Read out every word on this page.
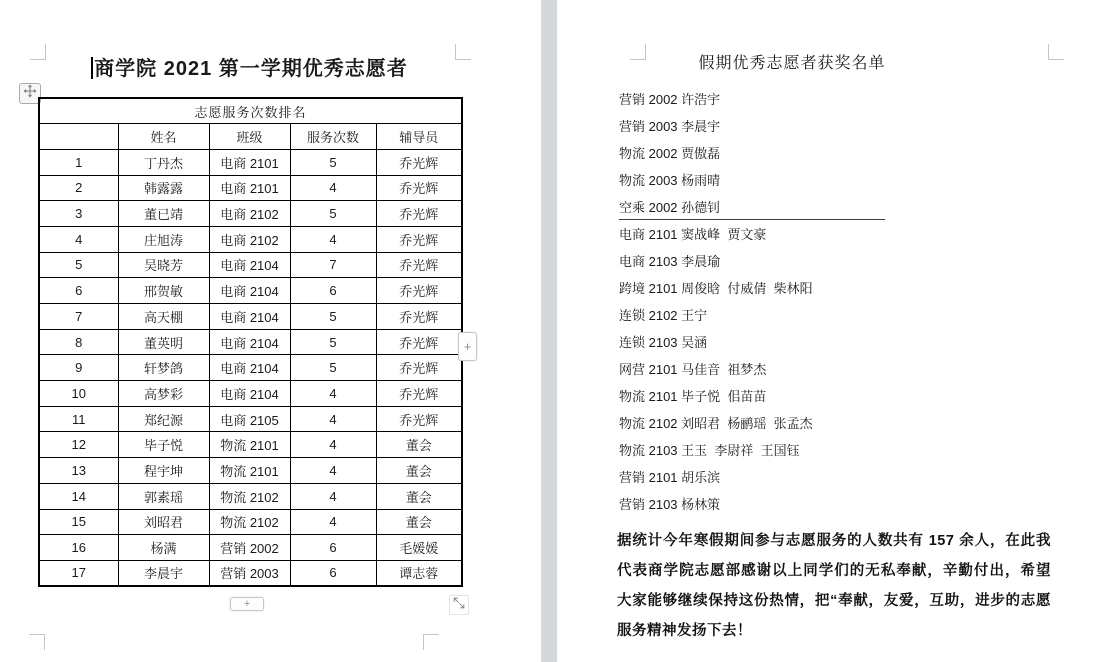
商学院 2021 第一学期优秀志愿者
志愿服务次数排名				
	姓名	班级	服务次数	辅导员
1	丁丹杰	电商 2101	5	乔光辉
2	韩露露	电商 2101	4	乔光辉
3	董已靖	电商 2102	5	乔光辉
4	庄旭涛	电商 2102	4	乔光辉
5	吴晓芳	电商 2104	7	乔光辉
6	邢贺敏	电商 2104	6	乔光辉
7	高天棚	电商 2104	5	乔光辉
8	董英明	电商 2104	5	乔光辉
9	轩梦鸽	电商 2104	5	乔光辉
10	高梦彩	电商 2104	4	乔光辉
11	郑纪源	电商 2105	4	乔光辉
12	毕子悦	物流 2101	4	董会
13	程宇坤	物流 2101	4	董会
14	郭素瑶	物流 2102	4	董会
15	刘昭君	物流 2102	4	董会
16	杨满	营销 2002	6	毛媛媛
17	李晨宇	营销 2003	6	谭志蓉
+
+
假期优秀志愿者获奖名单
营销 2002 许浩宇
营销 2003 李晨宇
物流 2002 贾傲磊
物流 2003 杨雨晴
空乘 2002 孙德钊
电商 2101 窦战峰  贾文豪
电商 2103 李晨瑜
跨境 2101 周俊晗  付威倩  柴林阳
连锁 2102 王宁
连锁 2103 吴涵
网营 2101 马佳音  祖梦杰
物流 2101 毕子悦  佀苗苗
物流 2102 刘昭君  杨鹂瑶  张孟杰
物流 2103 王玉  李尉祥  王国钰
营销 2101 胡乐滨
营销 2103 杨林策
据统计今年寒假期间参与志愿服务的人数共有 157 余人，在此我代表商学院志愿部感谢以上同学们的无私奉献，辛勤付出，希望大家能够继续保持这份热情，把“奉献，友爱，互助，进步的志愿服务精神发扬下去！
